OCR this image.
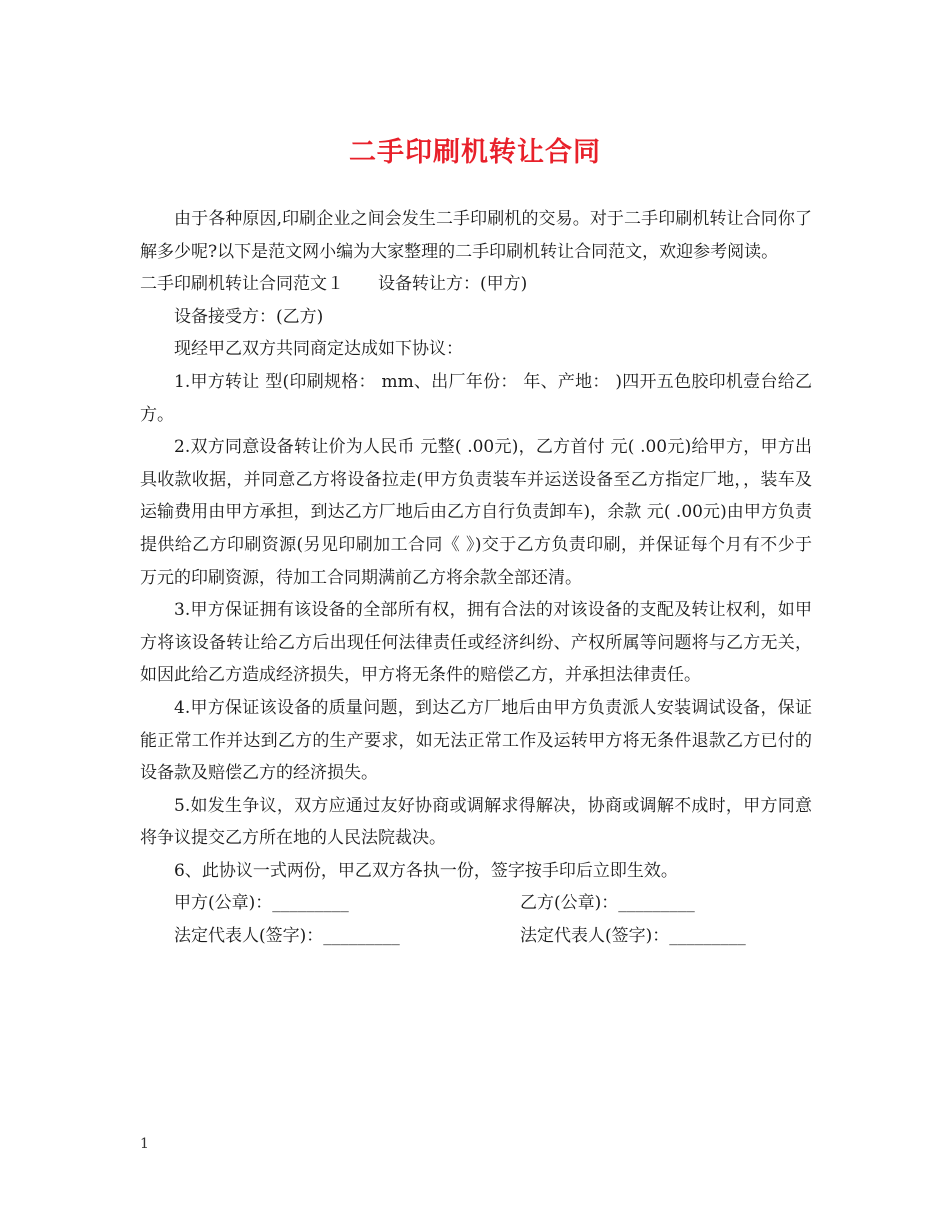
二手印刷机转让合同

由于各种原因,印刷企业之间会发生二手印刷机的交易。对于二手印刷机转让合同你了解多少呢?以下是范文网小编为大家整理的二手印刷机转让合同范文，欢迎参考阅读。

二手印刷机转让合同范文１　　设备转让方：(甲方)

设备接受方：(乙方)

现经甲乙双方共同商定达成如下协议：

1.甲方转让 型(印刷规格： mm、出厂年份： 年、产地： )四开五色胶印机壹台给乙方。

2.双方同意设备转让价为人民币 元整( .00元)，乙方首付 元( .00元)给甲方，甲方出具收款收据，并同意乙方将设备拉走(甲方负责装车并运送设备至乙方指定厂地，，装车及运输费用由甲方承担，到达乙方厂地后由乙方自行负责卸车)，余款 元( .00元)由甲方负责提供给乙方印刷资源(另见印刷加工合同《 》)交于乙方负责印刷，并保证每个月有不少于 万元的印刷资源，待加工合同期满前乙方将余款全部还清。

3.甲方保证拥有该设备的全部所有权，拥有合法的对该设备的支配及转让权利，如甲方将该设备转让给乙方后出现任何法律责任或经济纠纷、产权所属等问题将与乙方无关，如因此给乙方造成经济损失，甲方将无条件的赔偿乙方，并承担法律责任。

4.甲方保证该设备的质量问题，到达乙方厂地后由甲方负责派人安装调试设备，保证能正常工作并达到乙方的生产要求，如无法正常工作及运转甲方将无条件退款乙方已付的设备款及赔偿乙方的经济损失。

5.如发生争议，双方应通过友好协商或调解求得解决，协商或调解不成时，甲方同意将争议提交乙方所在地的人民法院裁决。

6、此协议一式两份，甲乙双方各执一份，签字按手印后立即生效。

甲方(公章)：_________	乙方(公章)：_________
法定代表人(签字)：_________	法定代表人(签字)：_________
1
